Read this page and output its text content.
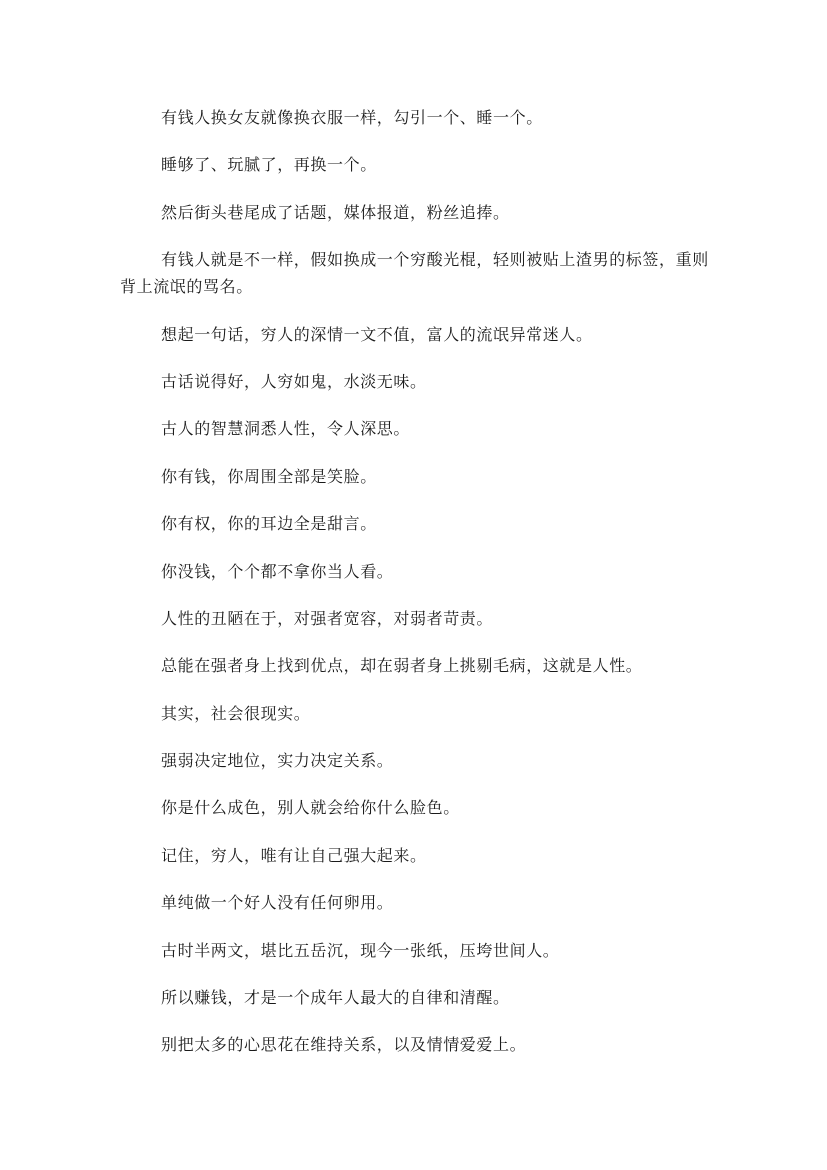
有钱人换女友就像换衣服一样，勾引一个、睡一个。

睡够了、玩腻了，再换一个。

然后街头巷尾成了话题，媒体报道，粉丝追捧。

有钱人就是不一样，假如换成一个穷酸光棍，轻则被贴上渣男的标签，重则背上流氓的骂名。

想起一句话，穷人的深情一文不值，富人的流氓异常迷人。

古话说得好，人穷如鬼，水淡无味。

古人的智慧洞悉人性，令人深思。

你有钱，你周围全部是笑脸。

你有权，你的耳边全是甜言。

你没钱，个个都不拿你当人看。

人性的丑陋在于，对强者宽容，对弱者苛责。

总能在强者身上找到优点，却在弱者身上挑剔毛病，这就是人性。

其实，社会很现实。

强弱决定地位，实力决定关系。

你是什么成色，别人就会给你什么脸色。

记住，穷人，唯有让自己强大起来。

单纯做一个好人没有任何卵用。

古时半两文，堪比五岳沉，现今一张纸，压垮世间人。

所以赚钱，才是一个成年人最大的自律和清醒。

别把太多的心思花在维持关系，以及情情爱爱上。
